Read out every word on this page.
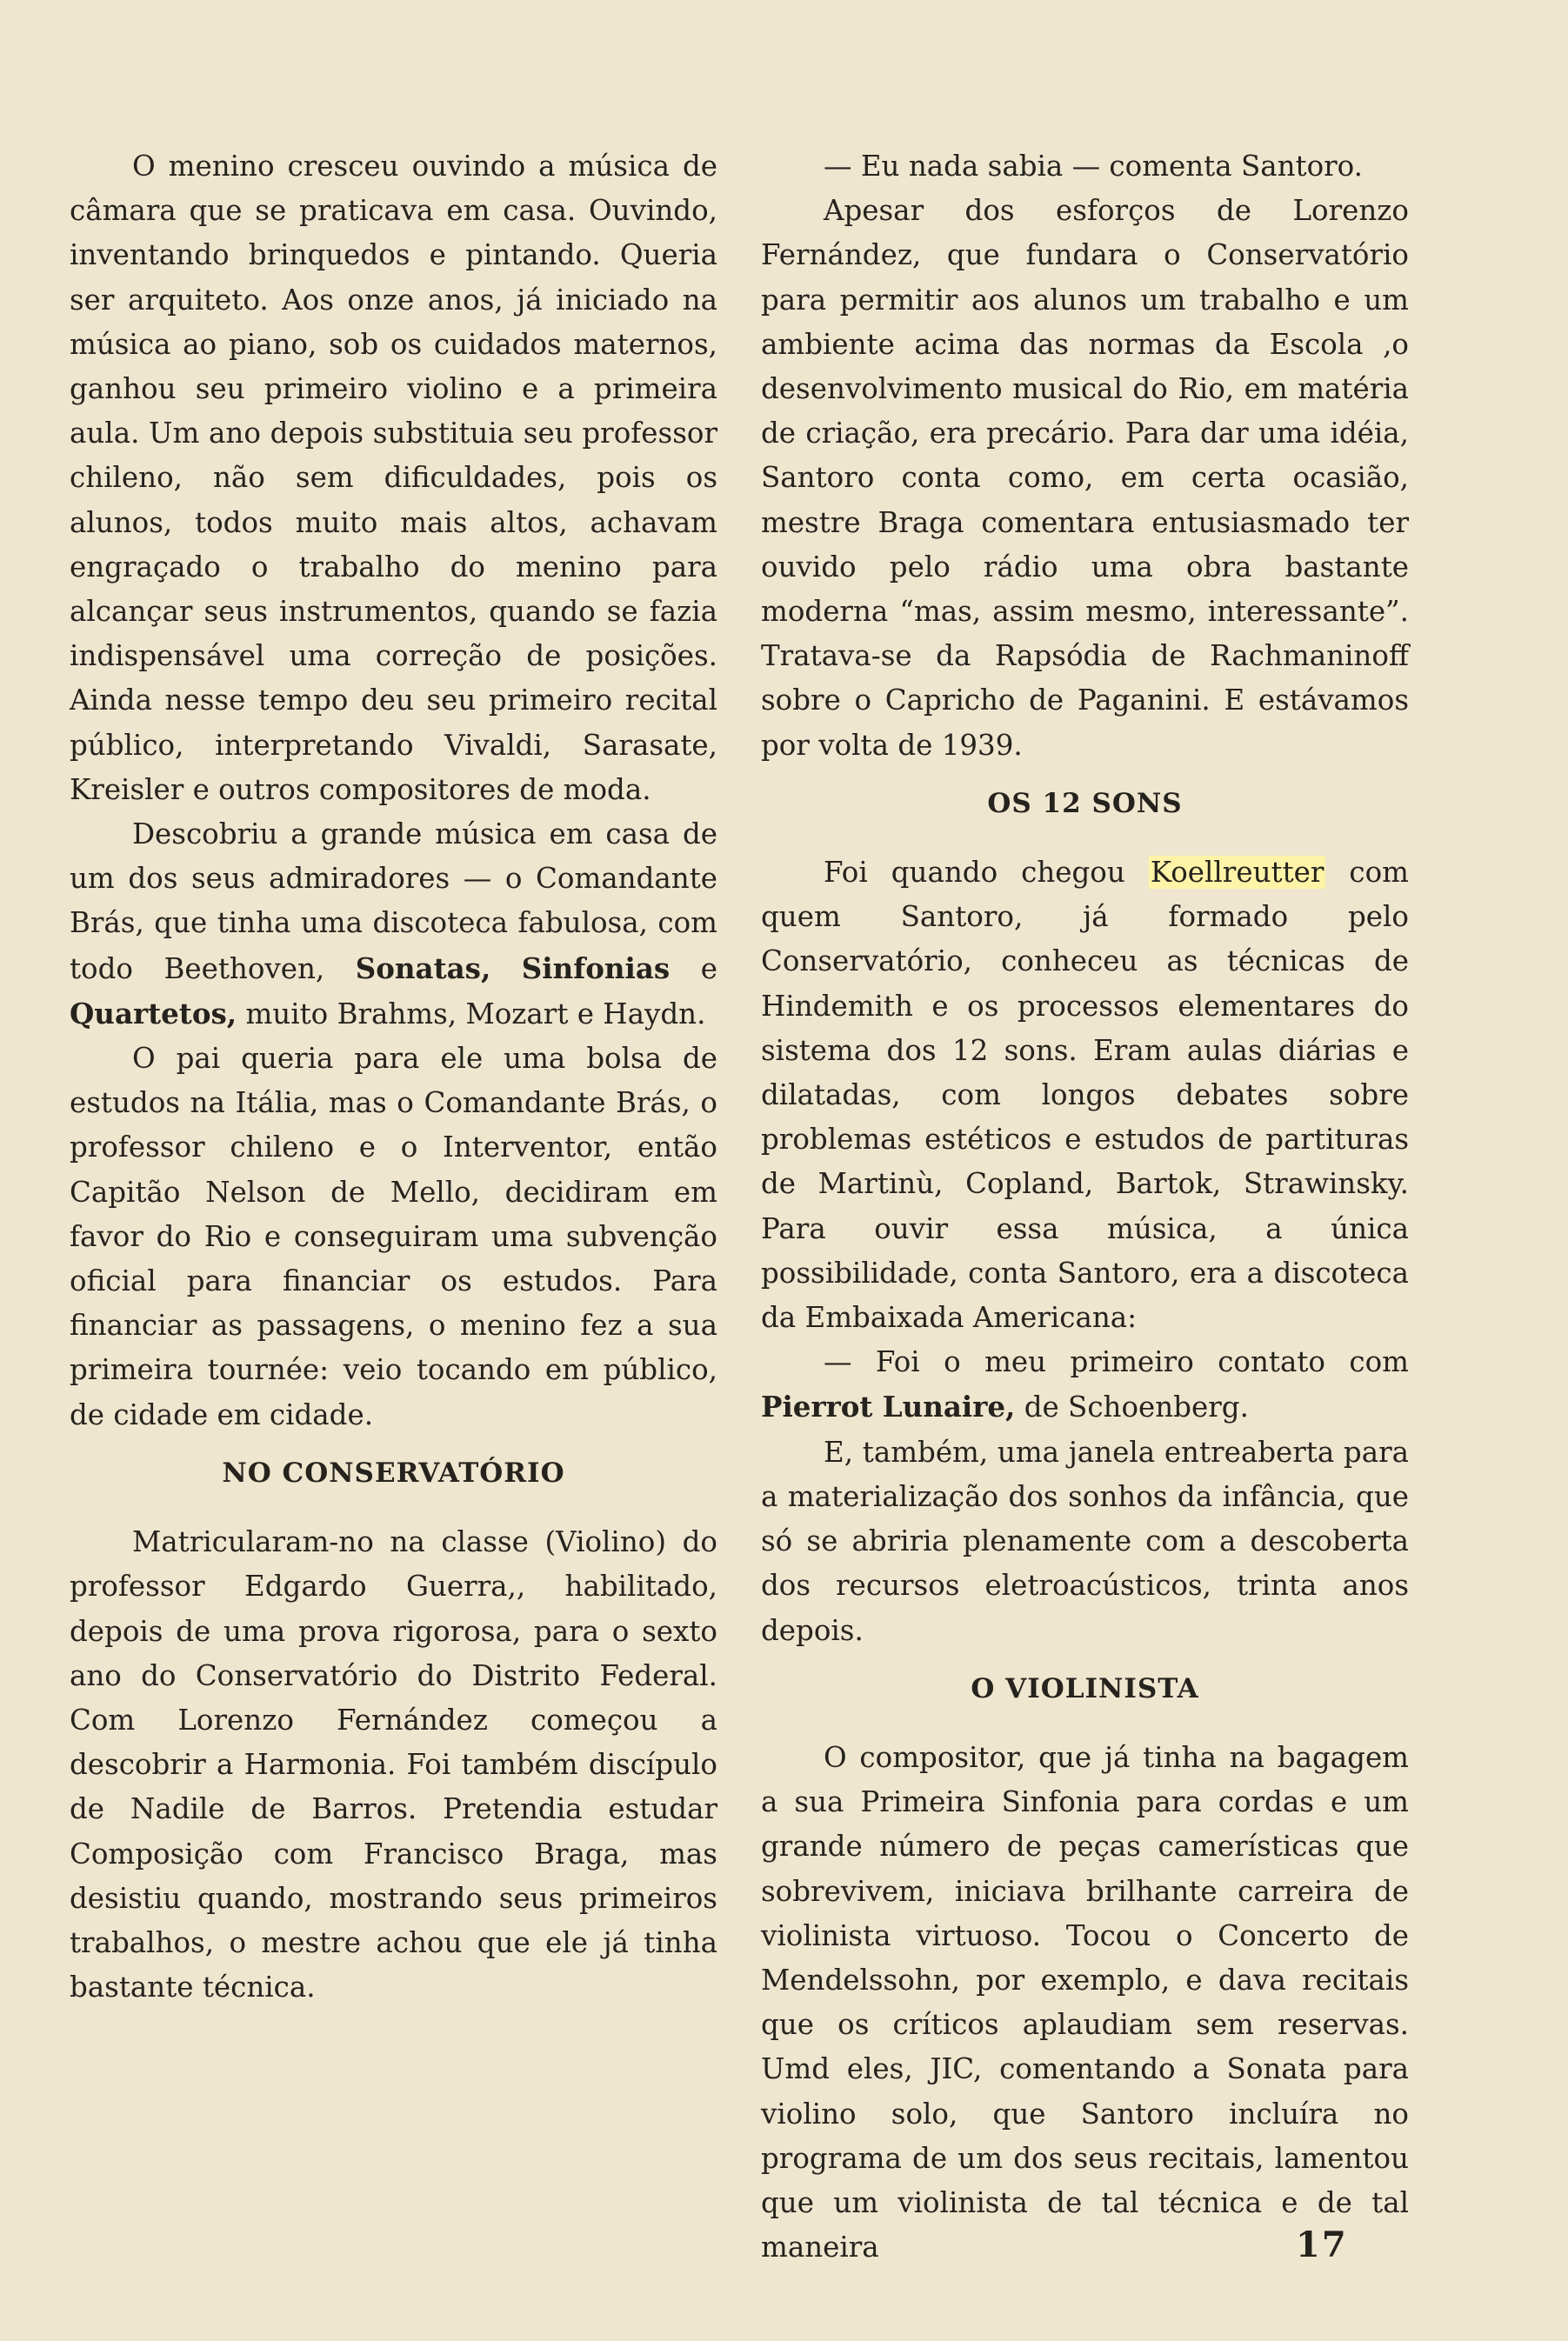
O menino cresceu ouvindo a música de câmara que se praticava em casa. Ouvindo, inventando brinquedos e pintando. Queria ser arquiteto. Aos onze anos, já iniciado na música ao piano, sob os cuidados maternos, ganhou seu primeiro violino e a primeira aula. Um ano depois substituia seu professor chileno, não sem dificuldades, pois os alunos, todos muito mais altos, achavam engraçado o trabalho do menino para alcançar seus instrumentos, quando se fazia indispensável uma correção de posições. Ainda nesse tempo deu seu primeiro recital público, interpretando Vivaldi, Sarasate, Kreisler e outros compositores de moda.

Descobriu a grande música em casa de um dos seus admiradores — o Comandante Brás, que tinha uma discoteca fabulosa, com todo Beethoven, Sonatas, Sinfonias e Quartetos, muito Brahms, Mozart e Haydn.

O pai queria para ele uma bolsa de estudos na Itália, mas o Comandante Brás, o professor chileno e o Interventor, então Capitão Nelson de Mello, decidiram em favor do Rio e conseguiram uma subvenção oficial para financiar os estudos. Para financiar as passagens, o menino fez a sua primeira tournée: veio tocando em público, de cidade em cidade.

NO CONSERVATÓRIO

Matricularam-no na classe (Violino) do professor Edgardo Guerra,, habilitado, depois de uma prova rigorosa, para o sexto ano do Conservatório do Distrito Federal. Com Lorenzo Fernández começou a descobrir a Harmonia. Foi também discípulo de Nadile de Barros. Pretendia estudar Composição com Francisco Braga, mas desistiu quando, mostrando seus primeiros trabalhos, o mestre achou que ele já tinha bastante técnica.

— Eu nada sabia — comenta Santoro.

Apesar dos esforços de Lorenzo Fernández, que fundara o Conservatório para permitir aos alunos um trabalho e um ambiente acima das normas da Escola ,o desenvolvimento musical do Rio, em matéria de criação, era precário. Para dar uma idéia, Santoro conta como, em certa ocasião, mestre Braga comentara entusiasmado ter ouvido pelo rádio uma obra bastante moderna “mas, assim mesmo, interessante”. Tratava-se da Rapsódia de Rachmaninoff sobre o Capricho de Paganini. E estávamos por volta de 1939.

OS 12 SONS

Foi quando chegou Koellreutter com quem Santoro, já formado pelo Conservatório, conheceu as técnicas de Hindemith e os processos elementares do sistema dos 12 sons. Eram aulas diárias e dilatadas, com longos debates sobre problemas estéticos e estudos de partituras de Martinù, Copland, Bartok, Strawinsky. Para ouvir essa música, a única possibilidade, conta Santoro, era a discoteca da Embaixada Americana:

— Foi o meu primeiro contato com Pierrot Lunaire, de Schoenberg.

E, também, uma janela entreaberta para a materialização dos sonhos da infância, que só se abriria plenamente com a descoberta dos recursos eletroacústicos, trinta anos depois.

O VIOLINISTA

O compositor, que já tinha na bagagem a sua Primeira Sinfonia para cordas e um grande número de peças camerísticas que sobrevivem, iniciava brilhante carreira de violinista virtuoso. Tocou o Concerto de Mendelssohn, por exemplo, e dava recitais que os críticos aplaudiam sem reservas. Umd eles, JIC, comentando a Sonata para violino solo, que Santoro incluíra no programa de um dos seus recitais, lamentou que um violinista de tal técnica e de tal maneira	17
